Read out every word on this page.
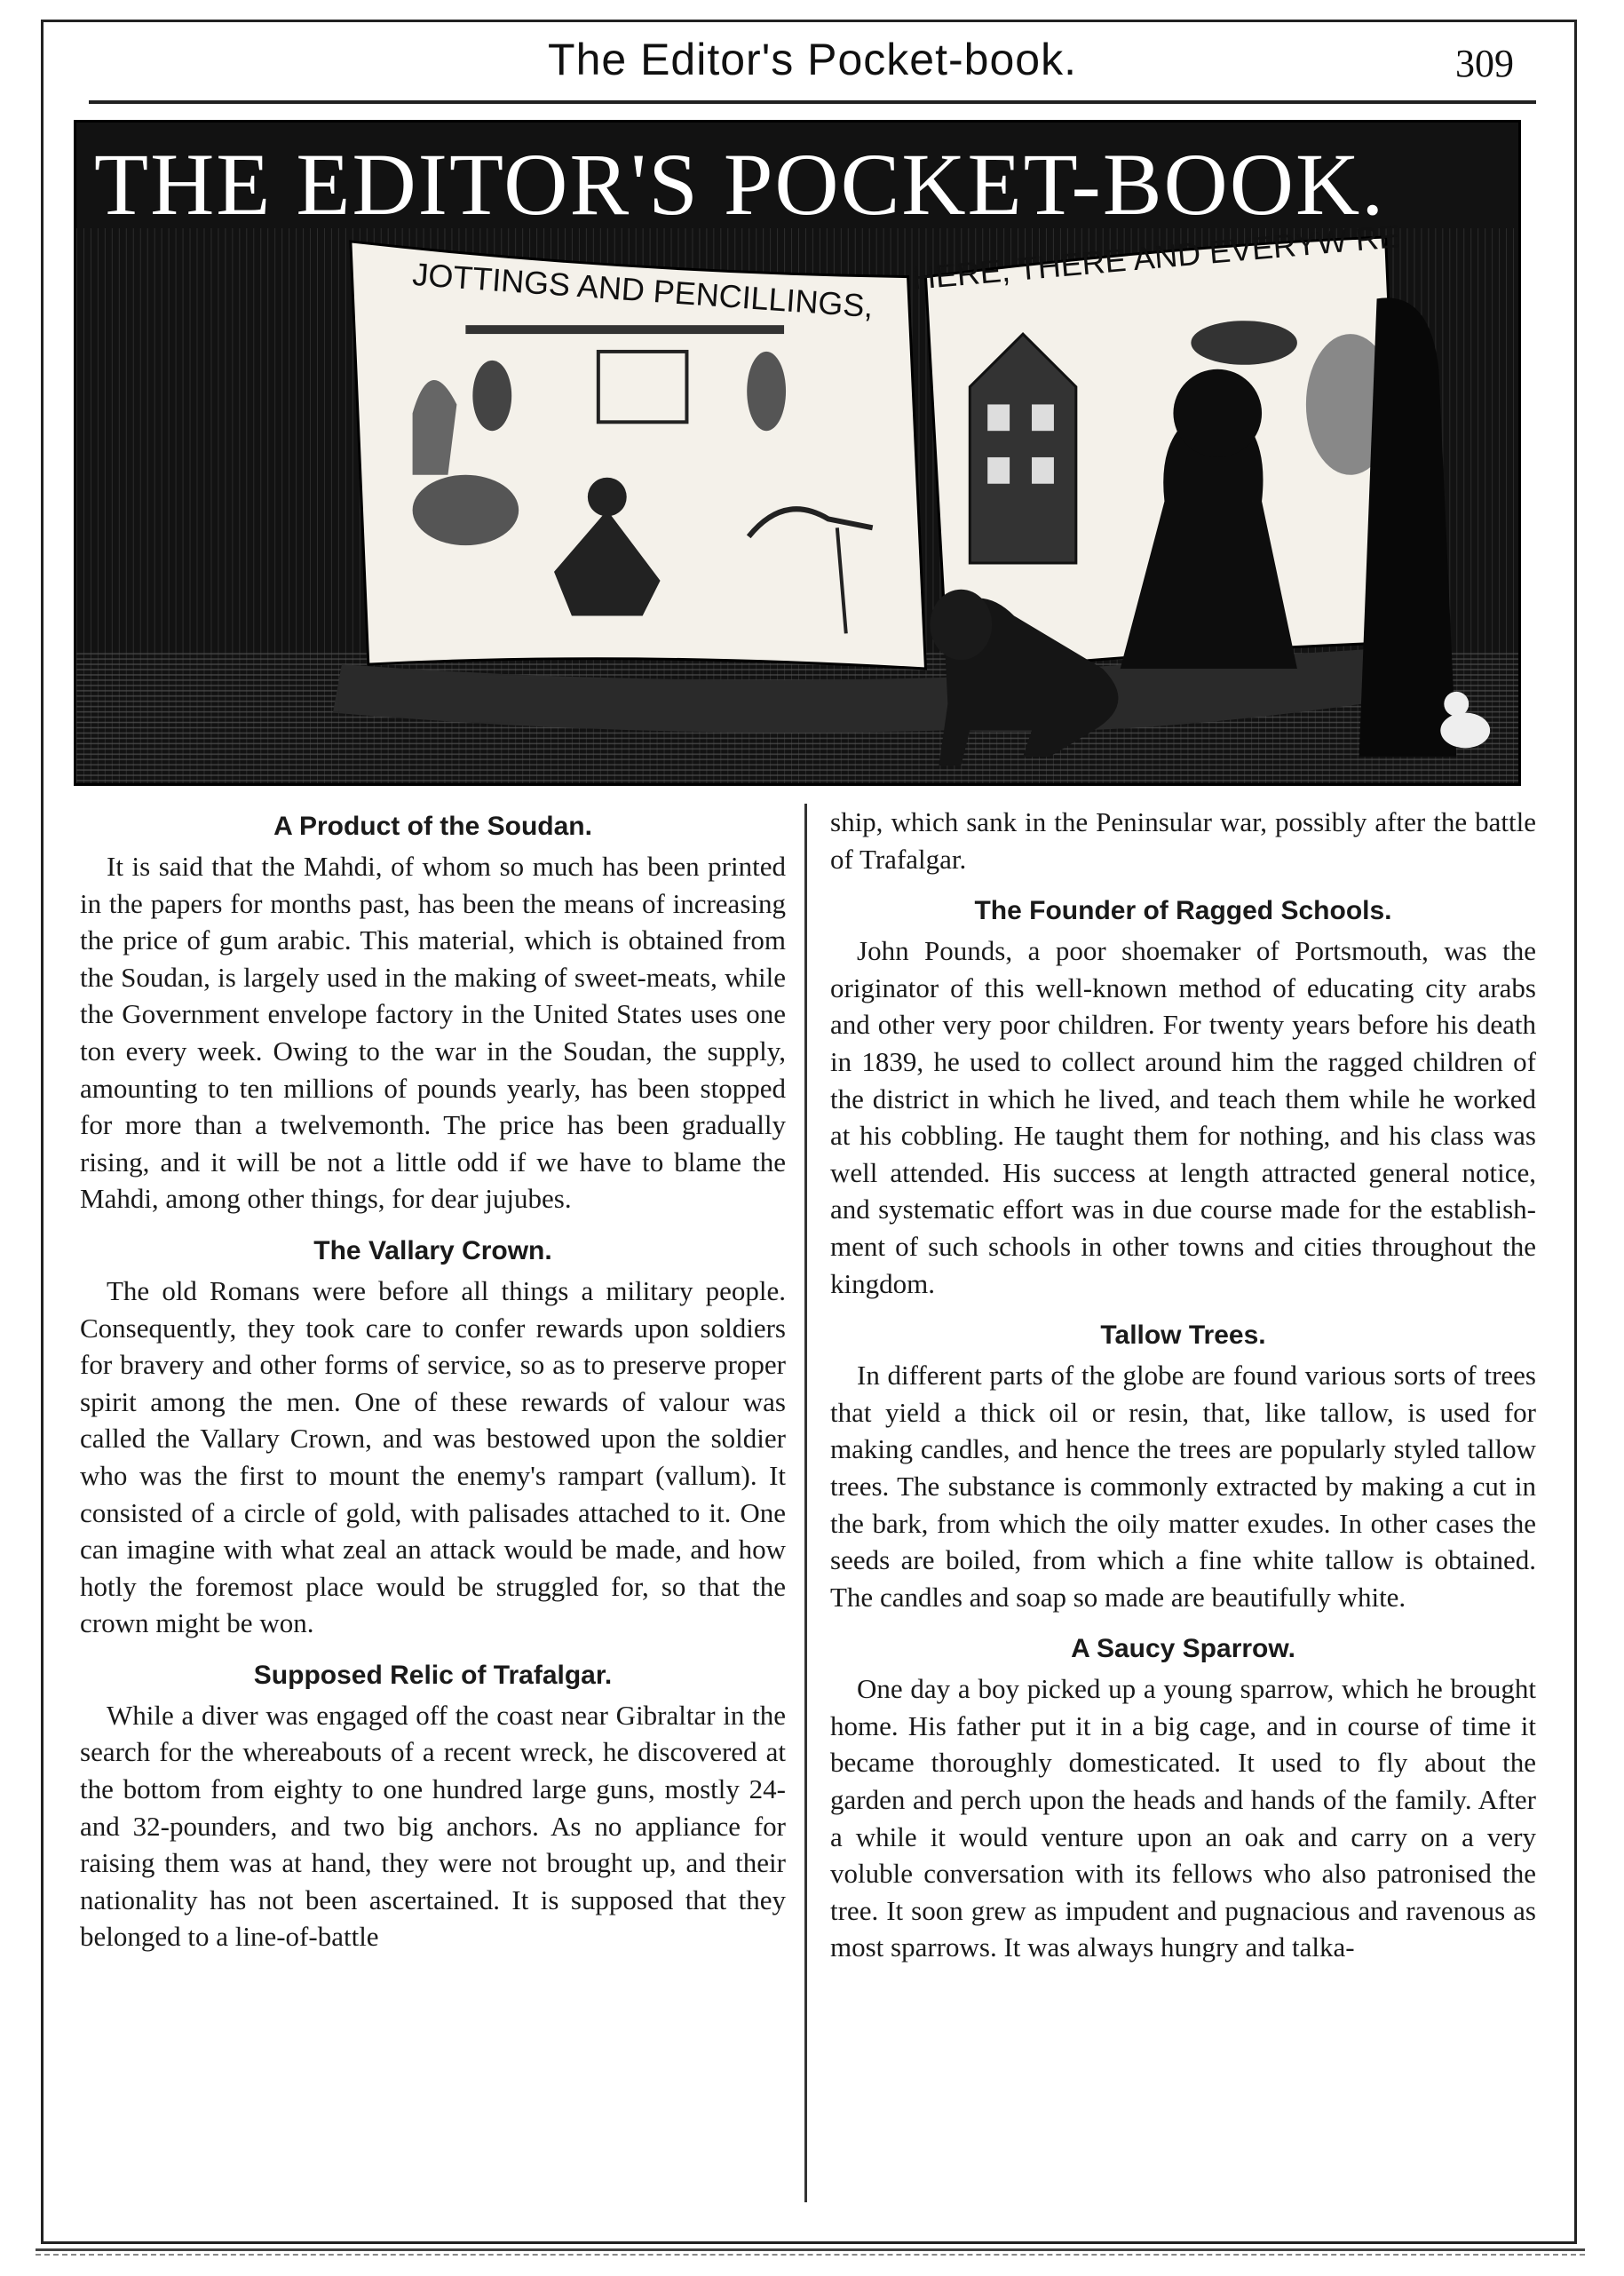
The Editor's Pocket-book.	309
THE EDITOR'S POCKET-BOOK.
JOTTINGS AND PENCILLINGS, HERE, THERE AND EVERYW RE
A Product of the Soudan.

It is said that the Mahdi, of whom so much has been printed in the papers for months past, has been the means of increasing the price of gum arabic. This material, which is obtained from the Soudan, is largely used in the making of sweet-meats, while the Government envelope factory in the United States uses one ton every week. Owing to the war in the Soudan, the supply, amounting to ten millions of pounds yearly, has been stopped for more than a twelvemonth. The price has been gradually rising, and it will be not a little odd if we have to blame the Mahdi, among other things, for dear jujubes.

The Vallary Crown.

The old Romans were before all things a military people. Consequently, they took care to confer rewards upon soldiers for bravery and other forms of service, so as to preserve proper spirit among the men. One of these rewards of valour was called the Vallary Crown, and was bestowed upon the soldier who was the first to mount the enemy's rampart (vallum). It consisted of a circle of gold, with palisades attached to it. One can imagine with what zeal an attack would be made, and how hotly the foremost place would be struggled for, so that the crown might be won.

Supposed Relic of Trafalgar.

While a diver was engaged off the coast near Gibraltar in the search for the whereabouts of a recent wreck, he discovered at the bottom from eighty to one hundred large guns, mostly 24- and 32-pounders, and two big anchors. As no appliance for raising them was at hand, they were not brought up, and their nationality has not been ascertained. It is supposed that they belonged to a line-of-battle

ship, which sank in the Peninsular war, possibly after the battle of Trafalgar.

The Founder of Ragged Schools.

John Pounds, a poor shoemaker of Portsmouth, was the originator of this well-known method of educating city arabs and other very poor children. For twenty years before his death in 1839, he used to collect around him the ragged children of the district in which he lived, and teach them while he worked at his cobbling. He taught them for nothing, and his class was well attended. His success at length attracted general notice, and systematic effort was in due course made for the establish-ment of such schools in other towns and cities throughout the kingdom.

Tallow Trees.

In different parts of the globe are found various sorts of trees that yield a thick oil or resin, that, like tallow, is used for making candles, and hence the trees are popularly styled tallow trees. The substance is commonly extracted by making a cut in the bark, from which the oily matter exudes. In other cases the seeds are boiled, from which a fine white tallow is obtained. The candles and soap so made are beautifully white.

A Saucy Sparrow.

One day a boy picked up a young sparrow, which he brought home. His father put it in a big cage, and in course of time it became thoroughly domesticated. It used to fly about the garden and perch upon the heads and hands of the family. After a while it would venture upon an oak and carry on a very voluble conversation with its fellows who also patronised the tree. It soon grew as impudent and pugnacious and ravenous as most sparrows. It was always hungry and talka-
